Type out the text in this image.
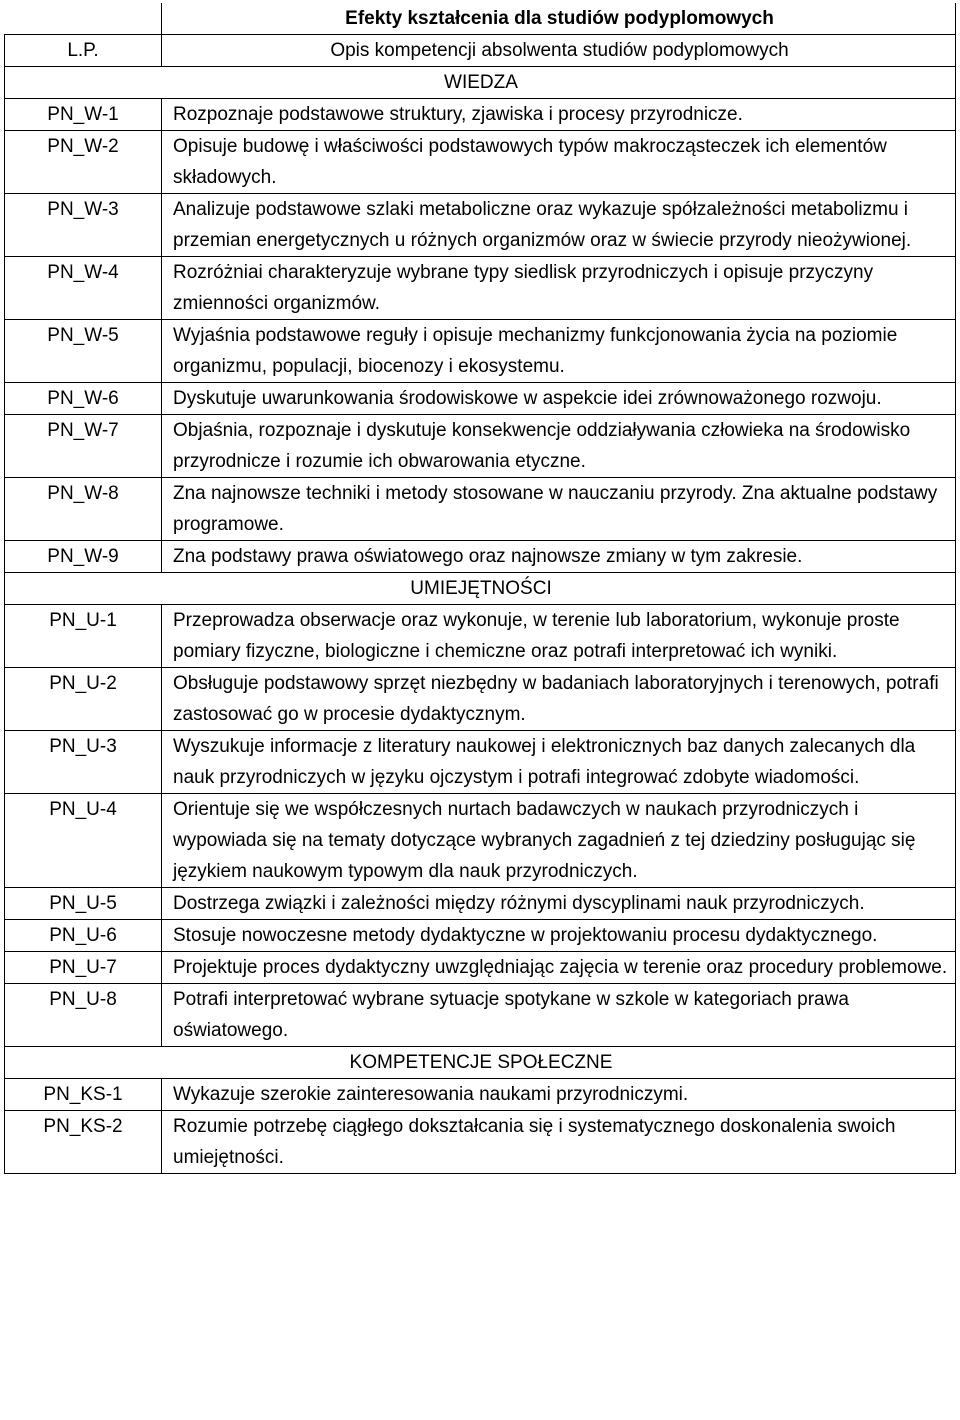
	Efekty kształcenia dla studiów podyplomowych
L.P.	Opis kompetencji absolwenta studiów podyplomowych
WIEDZA	
PN_W-1	Rozpoznaje podstawowe struktury, zjawiska i procesy przyrodnicze.
PN_W-2	Opisuje budowę i właściwości podstawowych typów makrocząsteczek ich elementów składowych.
PN_W-3	Analizuje podstawowe szlaki metaboliczne oraz wykazuje spółzależności metabolizmu i przemian energetycznych u różnych organizmów oraz w świecie przyrody nieożywionej.
PN_W-4	Rozróżniai charakteryzuje wybrane typy siedlisk przyrodniczych i opisuje przyczyny zmienności organizmów.
PN_W-5	Wyjaśnia podstawowe reguły i opisuje mechanizmy funkcjonowania życia na poziomie organizmu, populacji, biocenozy i ekosystemu.
PN_W-6	Dyskutuje uwarunkowania środowiskowe w aspekcie idei zrównoważonego rozwoju.
PN_W-7	Objaśnia, rozpoznaje i dyskutuje konsekwencje oddziaływania człowieka na środowisko przyrodnicze i rozumie ich obwarowania etyczne.
PN_W-8	Zna najnowsze techniki i metody stosowane w nauczaniu przyrody. Zna aktualne podstawy programowe.
PN_W-9	Zna podstawy prawa oświatowego oraz najnowsze zmiany w tym zakresie.
UMIEJĘTNOŚCI	
PN_U-1	Przeprowadza obserwacje oraz wykonuje, w terenie lub laboratorium, wykonuje proste pomiary fizyczne, biologiczne i chemiczne oraz potrafi interpretować ich wyniki.
PN_U-2	Obsługuje podstawowy sprzęt niezbędny w badaniach laboratoryjnych i terenowych, potrafi zastosować go w procesie dydaktycznym.
PN_U-3	Wyszukuje informacje z literatury naukowej i elektronicznych baz danych zalecanych dla nauk przyrodniczych w języku ojczystym i potrafi integrować zdobyte wiadomości.
PN_U-4	Orientuje się we współczesnych nurtach badawczych w naukach przyrodniczych i wypowiada się na tematy dotyczące wybranych zagadnień z tej dziedziny posługując się językiem naukowym typowym dla nauk przyrodniczych.
PN_U-5	Dostrzega związki i zależności między różnymi dyscyplinami nauk przyrodniczych.
PN_U-6	Stosuje nowoczesne metody dydaktyczne w projektowaniu procesu dydaktycznego.
PN_U-7	Projektuje proces dydaktyczny uwzględniając zajęcia w terenie oraz procedury problemowe.
PN_U-8	Potrafi interpretować wybrane sytuacje spotykane w szkole w kategoriach prawa oświatowego.
KOMPETENCJE SPOŁECZNE	
PN_KS-1	Wykazuje szerokie zainteresowania naukami przyrodniczymi.
PN_KS-2	Rozumie potrzebę ciągłego dokształcania się i systematycznego doskonalenia swoich umiejętności.
